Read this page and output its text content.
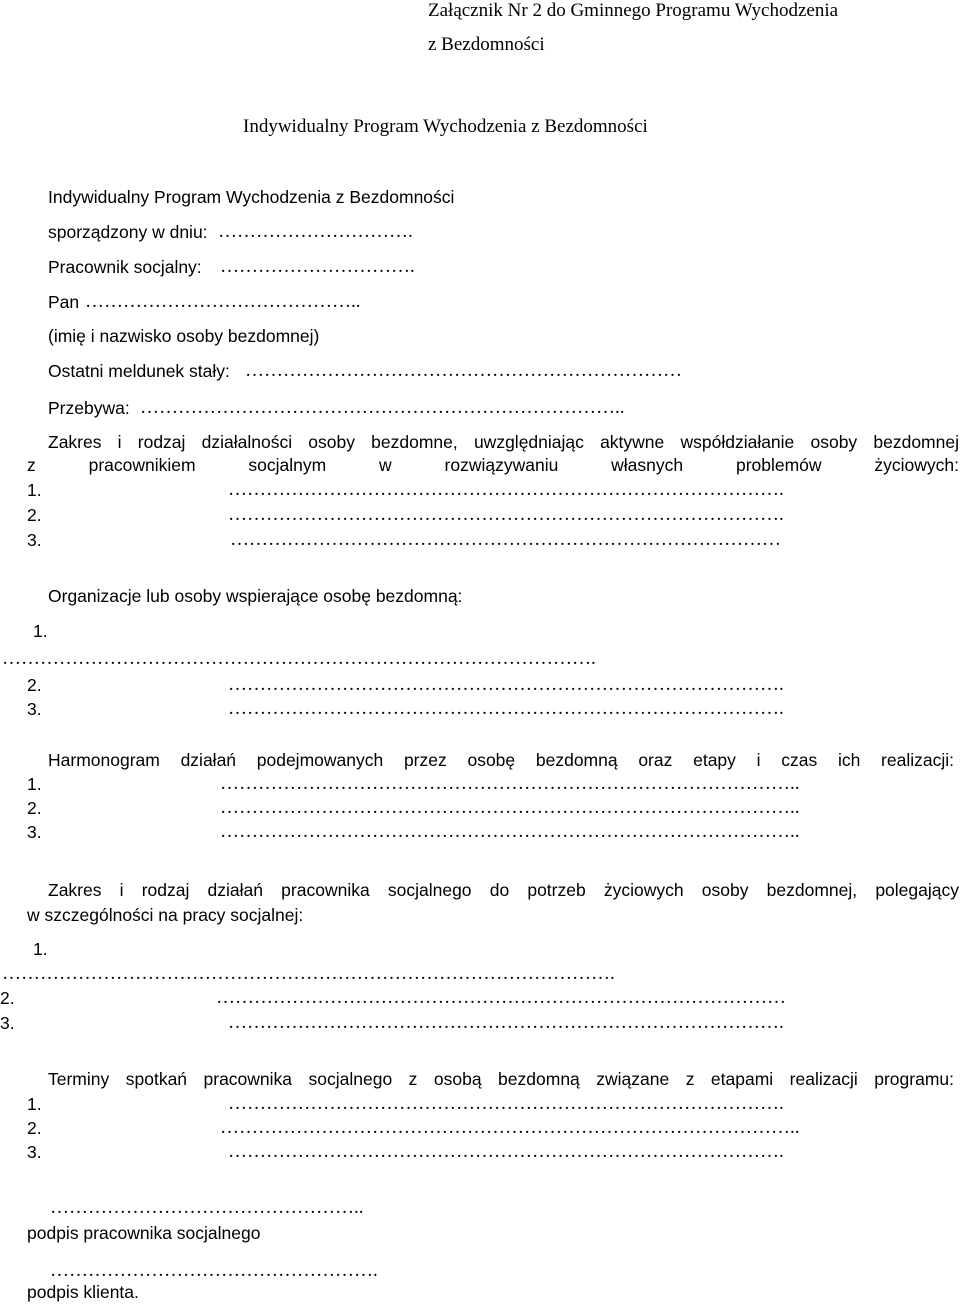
Załącznik Nr 2 do Gminnego Programu Wychodzenia
z Bezdomności
Indywidualny Program Wychodzenia z Bezdomności
Indywidualny Program Wychodzenia z Bezdomności
sporządzony w dniu: ………………………….
Pracownik socjalny: ………………………….
Pan ……………………………………..
(imię i nazwisko osoby bezdomnej)
Ostatni meldunek stały: ……………………………………………………………
Przebywa: …………………………………………………………………..
Zakres i rodzaj działalności osoby bezdomne, uwzględniając aktywne współdziałanie osoby bezdomnej
z pracownikiem socjalnym w rozwiązywaniu własnych problemów życiowych:
1.	…………………………………………………………………………….
2.	…………………………………………………………………………….
3.	……………………………………………………………………………
Organizacje lub osoby wspierające osobę bezdomną:
1.
………………………………………………………………………………….
2.	…………………………………………………………………………….
3.	…………………………………………………………………………….
Harmonogram działań podejmowanych przez osobę bezdomną oraz etapy i czas ich realizacji:
1.	………………………………………………………………………………..
2.	………………………………………………………………………………..
3.	………………………………………………………………………………..
Zakres i rodzaj działań pracownika socjalnego do potrzeb życiowych osoby bezdomnej, polegający
w szczególności na pracy socjalnej:
1.
…………………………………………………………………………………….
2.	………………………………………………………………………………
3.	…………………………………………………………………………….
Terminy spotkań pracownika socjalnego z osobą bezdomną związane z etapami realizacji programu:
1.	…………………………………………………………………………….
2.	………………………………………………………………………………..
3.	…………………………………………………………………………….
…………………………………………..
podpis pracownika socjalnego
…………………………………………….
podpis klienta.
